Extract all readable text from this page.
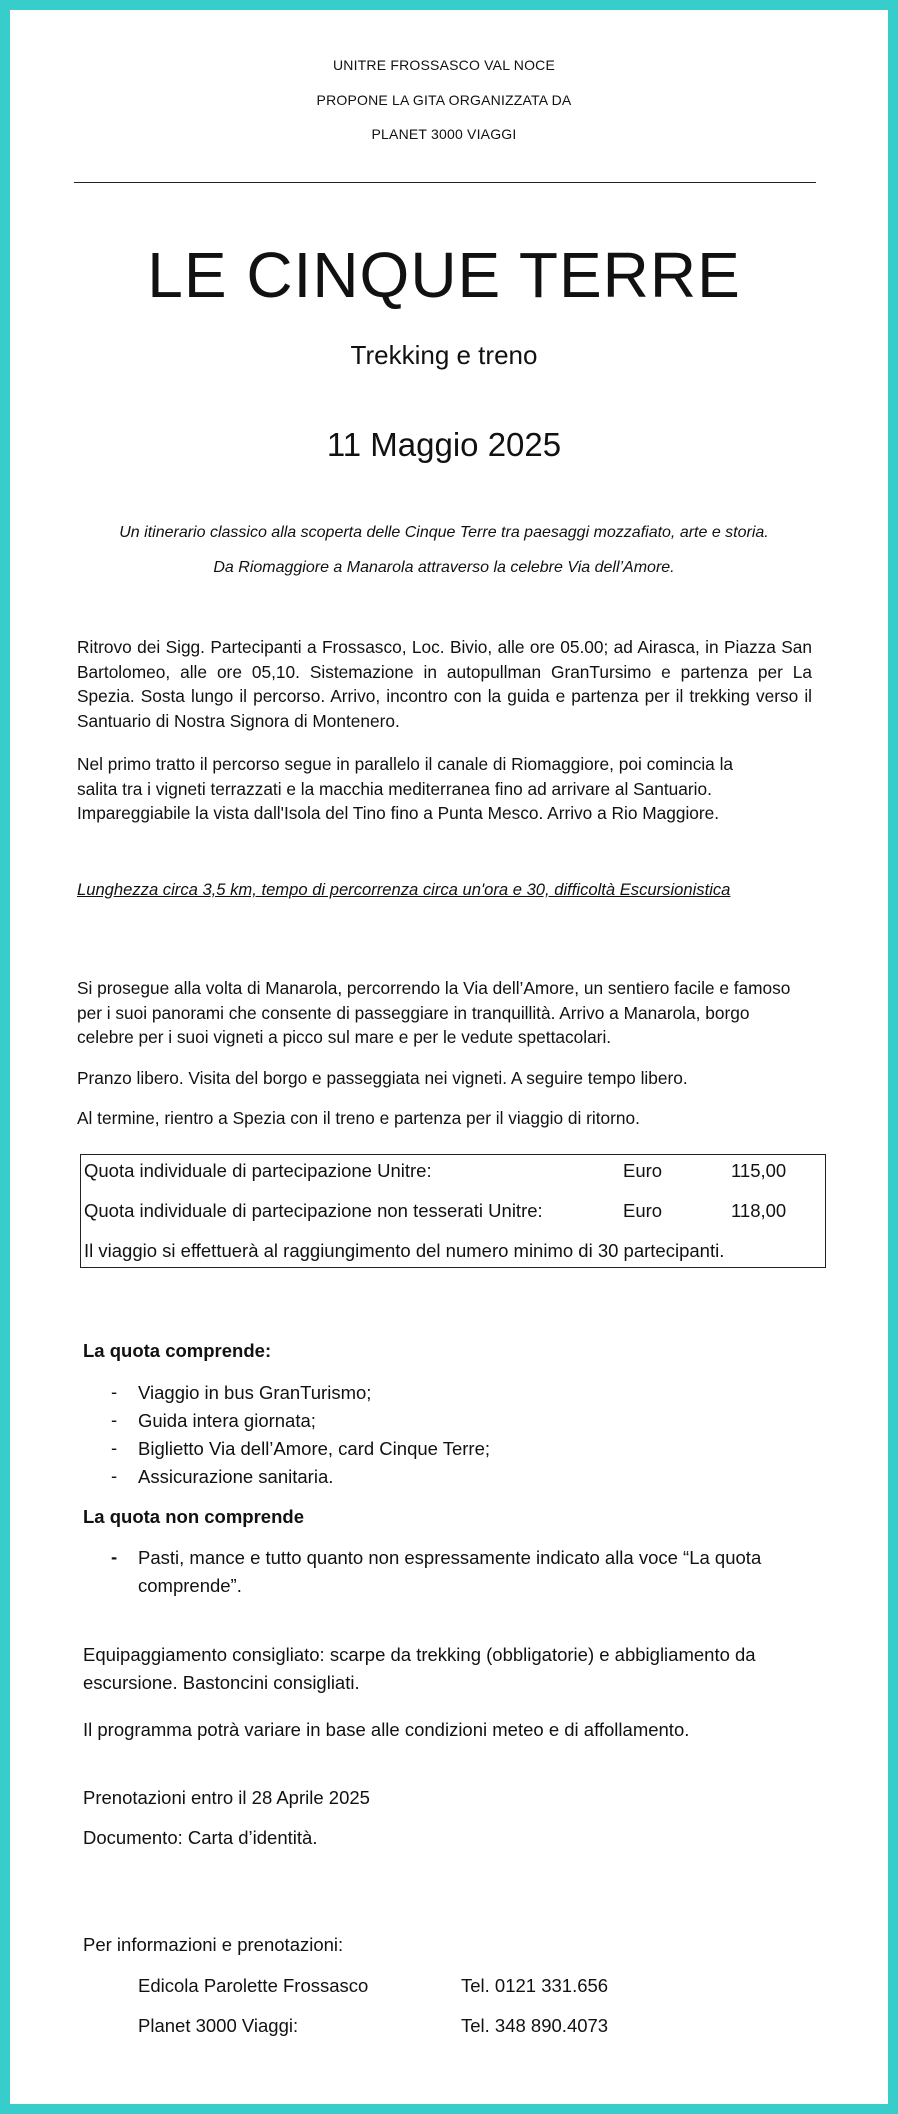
UNITRE FROSSASCO VAL NOCE
PROPONE LA GITA ORGANIZZATA DA
PLANET 3000 VIAGGI
LE CINQUE TERRE
Trekking e treno
11 Maggio 2025
Un itinerario classico alla scoperta delle Cinque Terre tra paesaggi mozzafiato, arte e storia.
Da Riomaggiore a Manarola attraverso la celebre Via dell’Amore.

Ritrovo dei Sigg. Partecipanti a Frossasco, Loc. Bivio, alle ore 05.00; ad Airasca, in Piazza San Bartolomeo, alle ore 05,10. Sistemazione in autopullman GranTursimo e partenza per La Spezia. Sosta lungo il percorso. Arrivo, incontro con la guida e partenza per il trekking verso il Santuario di Nostra Signora di Montenero.

Nel primo tratto il percorso segue in parallelo il canale di Riomaggiore, poi comincia la salita tra i vigneti terrazzati e la macchia mediterranea fino ad arrivare al Santuario. Impareggiabile la vista dall'Isola del Tino fino a Punta Mesco. Arrivo a Rio Maggiore.

Lunghezza circa 3,5 km, tempo di percorrenza circa un'ora e 30, difficoltà Escursionistica

Si prosegue alla volta di Manarola, percorrendo la Via dell’Amore, un sentiero facile e famoso per i suoi panorami che consente di passeggiare in tranquillità. Arrivo a Manarola, borgo celebre per i suoi vigneti a picco sul mare e per le vedute spettacolari.

Pranzo libero. Visita del borgo e passeggiata nei vigneti. A seguire tempo libero.

Al termine, rientro a Spezia con il treno e partenza per il viaggio di ritorno.

Quota individuale di partecipazione Unitre:	Euro	115,00
Quota individuale di partecipazione non tesserati Unitre:	Euro	118,00
Il viaggio si effettuerà al raggiungimento del numero minimo di 30 partecipanti.
La quota comprende:
- Viaggio in bus GranTurismo;
- Guida intera giornata;
- Biglietto Via dell’Amore, card Cinque Terre;
- Assicurazione sanitaria.
La quota non comprende
- Pasti, mance e tutto quanto non espressamente indicato alla voce “La quota comprende”.
Equipaggiamento consigliato: scarpe da trekking (obbligatorie) e abbigliamento da escursione. Bastoncini consigliati.
Il programma potrà variare in base alle condizioni meteo e di affollamento.
Prenotazioni entro il 28 Aprile 2025
Documento: Carta d’identità.
Per informazioni e prenotazioni:
Edicola Parolette Frossasco	Tel. 0121 331.656
Planet 3000 Viaggi:	Tel. 348 890.4073
